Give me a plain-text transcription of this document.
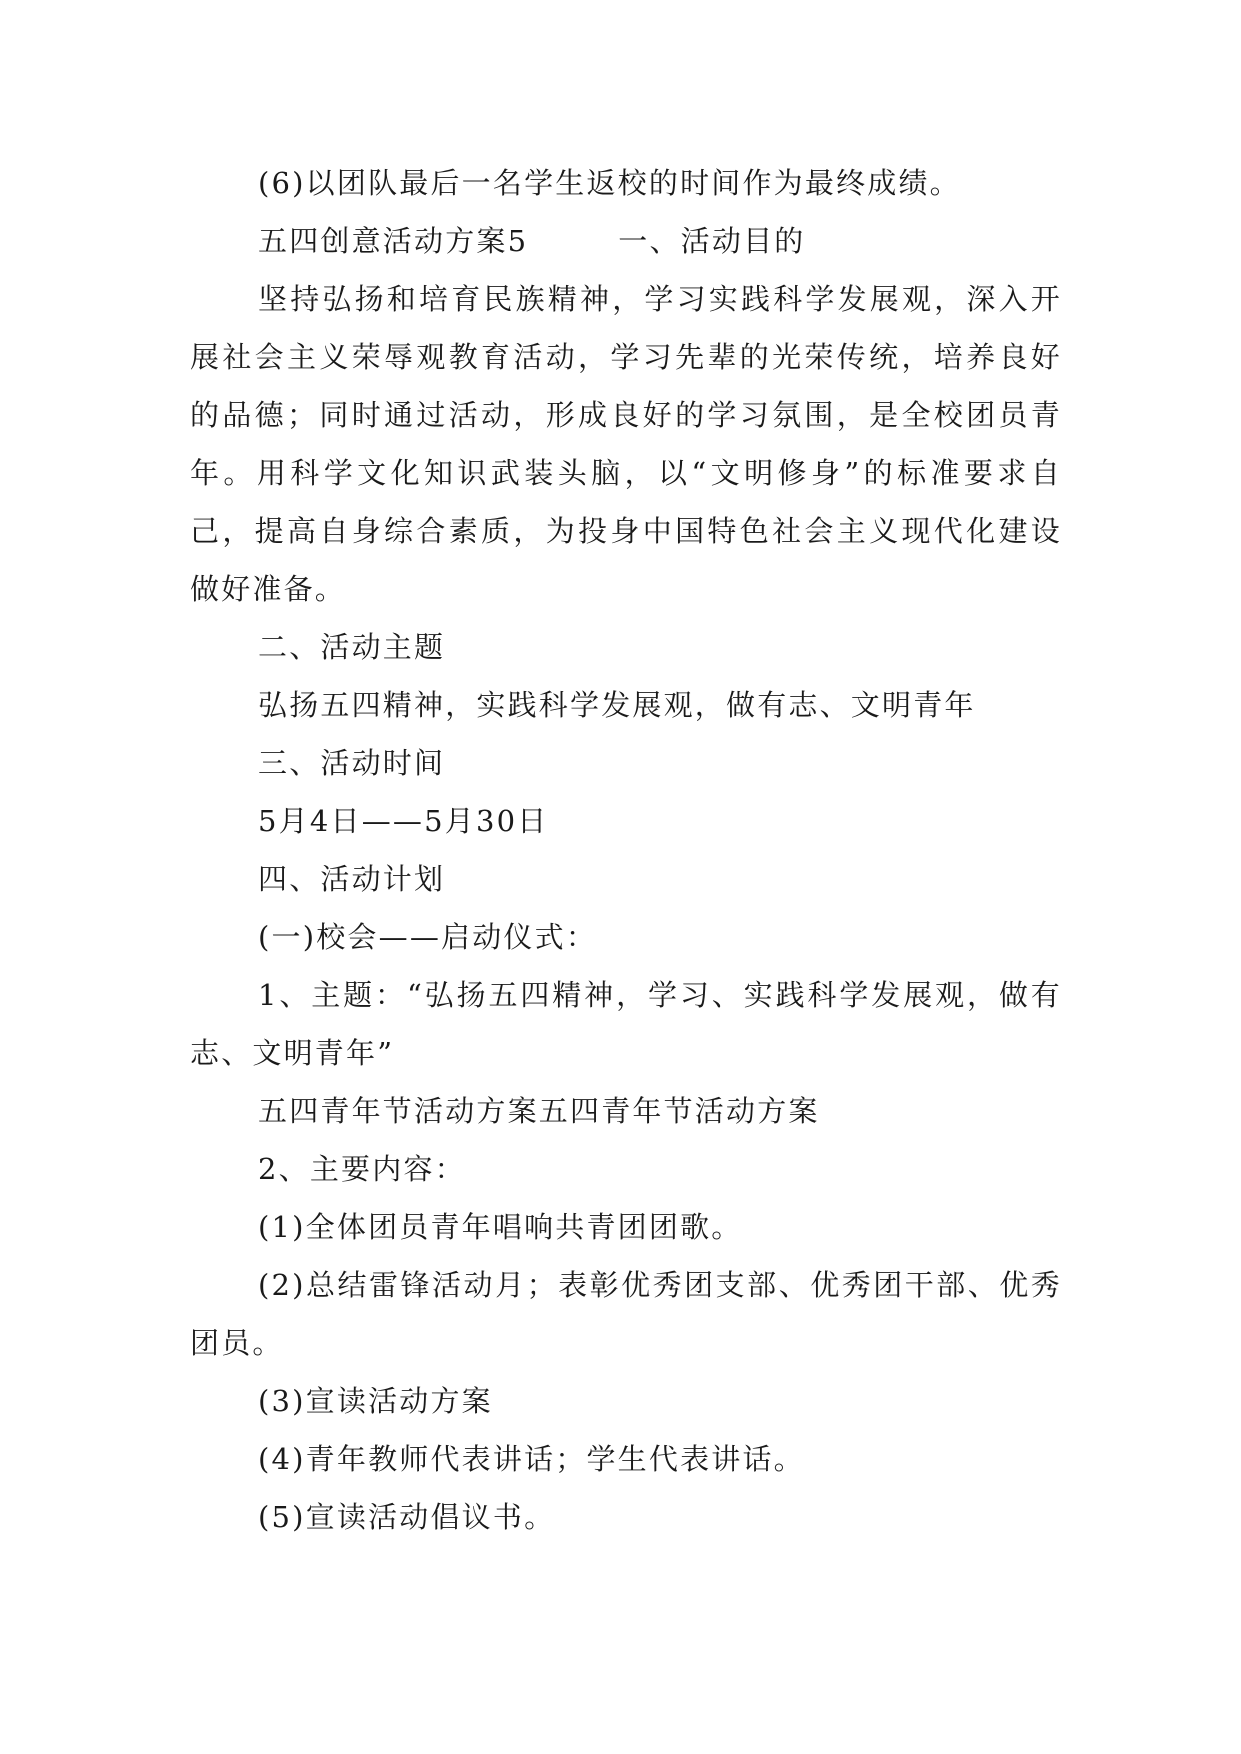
(6)以团队最后一名学生返校的时间作为最终成绩。

五四创意活动方案5	一、活动目的

坚持弘扬和培育民族精神，学习实践科学发展观，深入开展社会主义荣辱观教育活动，学习先辈的光荣传统，培养良好的品德；同时通过活动，形成良好的学习氛围，是全校团员青年。用科学文化知识武装头脑，以“文明修身”的标准要求自己，提高自身综合素质，为投身中国特色社会主义现代化建设做好准备。

二、活动主题

弘扬五四精神，实践科学发展观，做有志、文明青年

三、活动时间

5月4日——5月30日

四、活动计划

(一)校会——启动仪式：

1、主题：“弘扬五四精神，学习、实践科学发展观，做有志、文明青年”

五四青年节活动方案五四青年节活动方案

2、主要内容：

(1)全体团员青年唱响共青团团歌。

(2)总结雷锋活动月；表彰优秀团支部、优秀团干部、优秀团员。

(3)宣读活动方案

(4)青年教师代表讲话；学生代表讲话。

(5)宣读活动倡议书。
